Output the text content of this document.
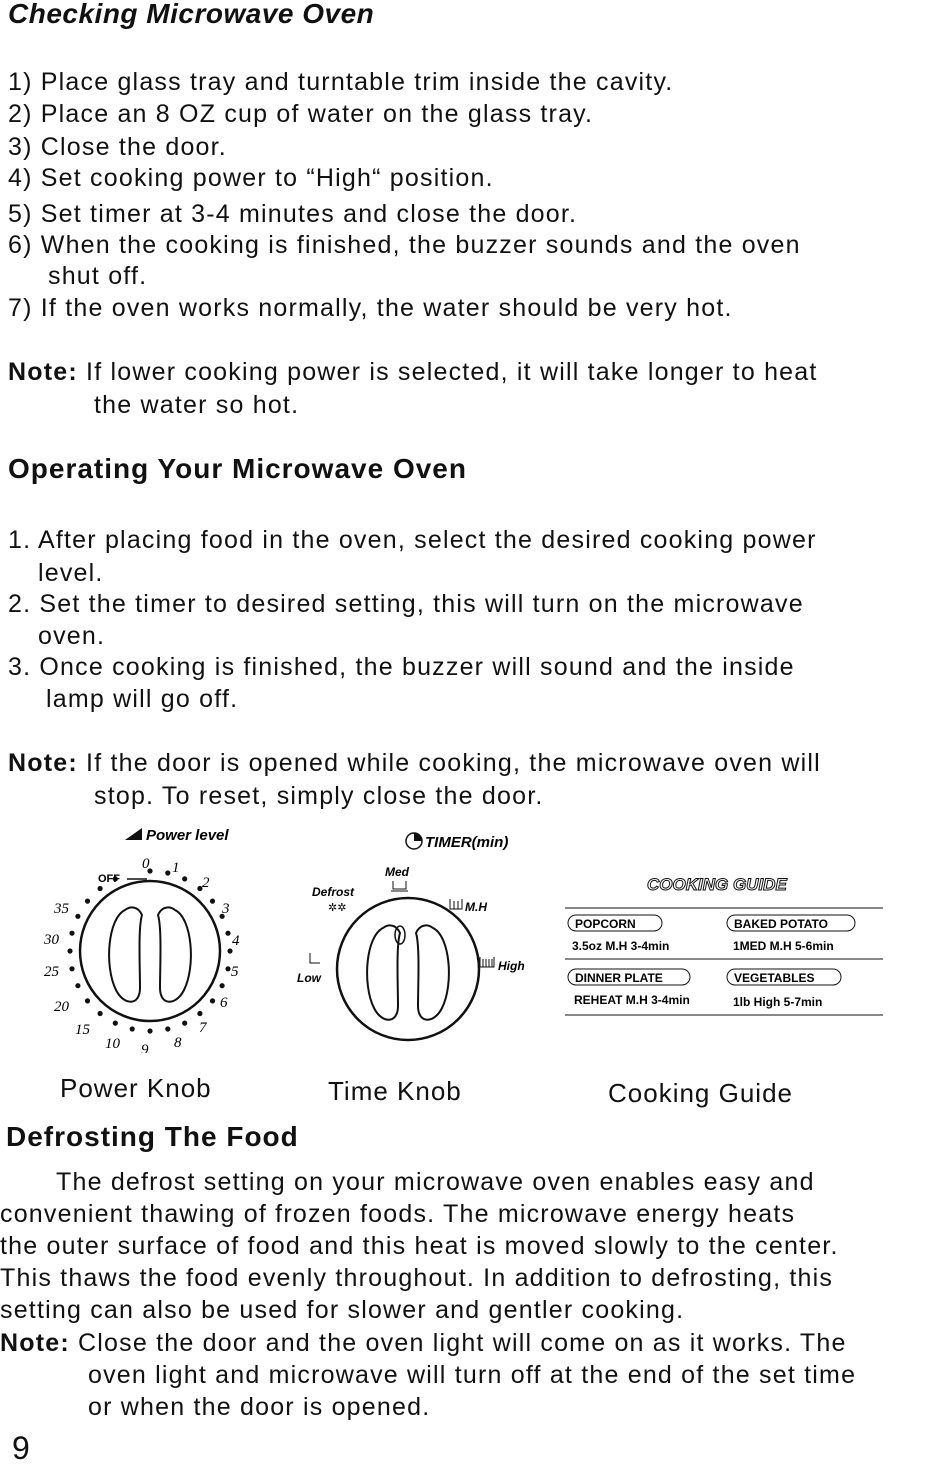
Checking Microwave Oven
1) Place glass tray and turntable trim inside the cavity.
2) Place an 8 OZ cup of water on the glass tray.
3) Close the door.
4) Set cooking power to “High“ position.
5) Set timer at 3-4 minutes and close the door.
6) When the cooking is finished, the buzzer sounds and the oven
shut off.
7) If the oven works normally, the water should be very hot.
Note: If lower cooking power is selected, it will take longer to heat
the water so hot.
Operating Your Microwave Oven
1. After placing food in the oven, select the desired cooking power
level.
2. Set the timer to desired setting, this will turn on the microwave
oven.
3. Once cooking is finished, the buzzer will sound and the inside
lamp will go off.
Note: If the door is opened while cooking, the microwave oven will
stop. To reset, simply close the door.
Power level
OFF
0 1
2
3
4
5
6
7
8
9
10
15
20
25
30
35
TIMER(min)
Med
Defrost
✲✲	M.H
Low
High
COOKING GUIDE
POPCORN	BAKED POTATO
3.5oz M.H 3-4min	1MED M.H 5-6min
DINNER PLATE	VEGETABLES
REHEAT M.H 3-4min	1lb High 5-7min
Power Knob	Time Knob	Cooking Guide
Defrosting The Food
The defrost setting on your microwave oven enables easy and
convenient thawing of frozen foods. The microwave energy heats
the outer surface of food and this heat is moved slowly to the center.
This thaws the food evenly throughout. In addition to defrosting, this
setting can also be used for slower and gentler cooking.
Note: Close the door and the oven light will come on as it works. The
oven light and microwave will turn off at the end of the set time
or when the door is opened.
9
